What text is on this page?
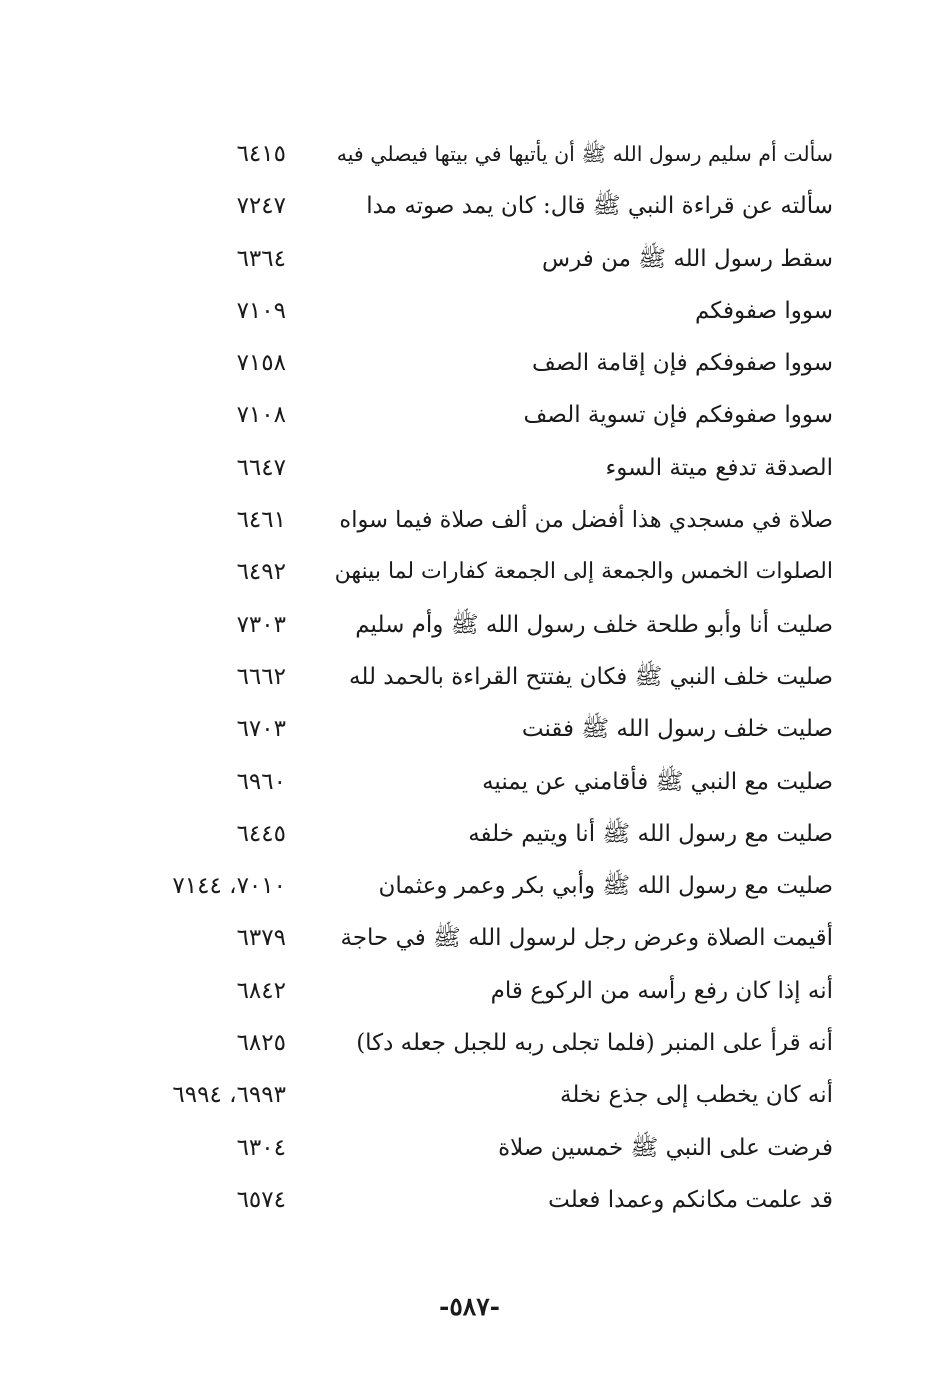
سألت أم سليم رسول الله ﷺ أن يأتيها في بيتها فيصلي فيه
٦٤١٥
سألته عن قراءة النبي ﷺ قال: كان يمد صوته مدا
٧٢٤٧
سقط رسول الله ﷺ من فرس
٦٣٦٤
سووا صفوفكم
٧١٠٩
سووا صفوفكم فإن إقامة الصف
٧١٥٨
سووا صفوفكم فإن تسوية الصف
٧١٠٨
الصدقة تدفع ميتة السوء
٦٦٤٧
صلاة في مسجدي هذا أفضل من ألف صلاة فيما سواه
٦٤٦١
الصلوات الخمس والجمعة إلى الجمعة كفارات لما بينهن
٦٤٩٢
صليت أنا وأبو طلحة خلف رسول الله ﷺ وأم سليم
٧٣٠٣
صليت خلف النبي ﷺ فكان يفتتح القراءة بالحمد لله
٦٦٦٢
صليت خلف رسول الله ﷺ فقنت
٦٧٠٣
صليت مع النبي ﷺ فأقامني عن يمنيه
٦٩٦٠
صليت مع رسول الله ﷺ أنا ويتيم خلفه
٦٤٤٥
صليت مع رسول الله ﷺ وأبي بكر وعمر وعثمان
٧٠١٠، ٧١٤٤
أقيمت الصلاة وعرض رجل لرسول الله ﷺ في حاجة
٦٣٧٩
أنه إذا كان رفع رأسه من الركوع قام
٦٨٤٢
أنه قرأ على المنبر (فلما تجلى ربه للجبل جعله دكا)
٦٨٢٥
أنه كان يخطب إلى جذع نخلة
٦٩٩٣، ٦٩٩٤
فرضت على النبي ﷺ خمسين صلاة
٦٣٠٤
قد علمت مكانكم وعمدا فعلت
٦٥٧٤
-٥٨٧-
